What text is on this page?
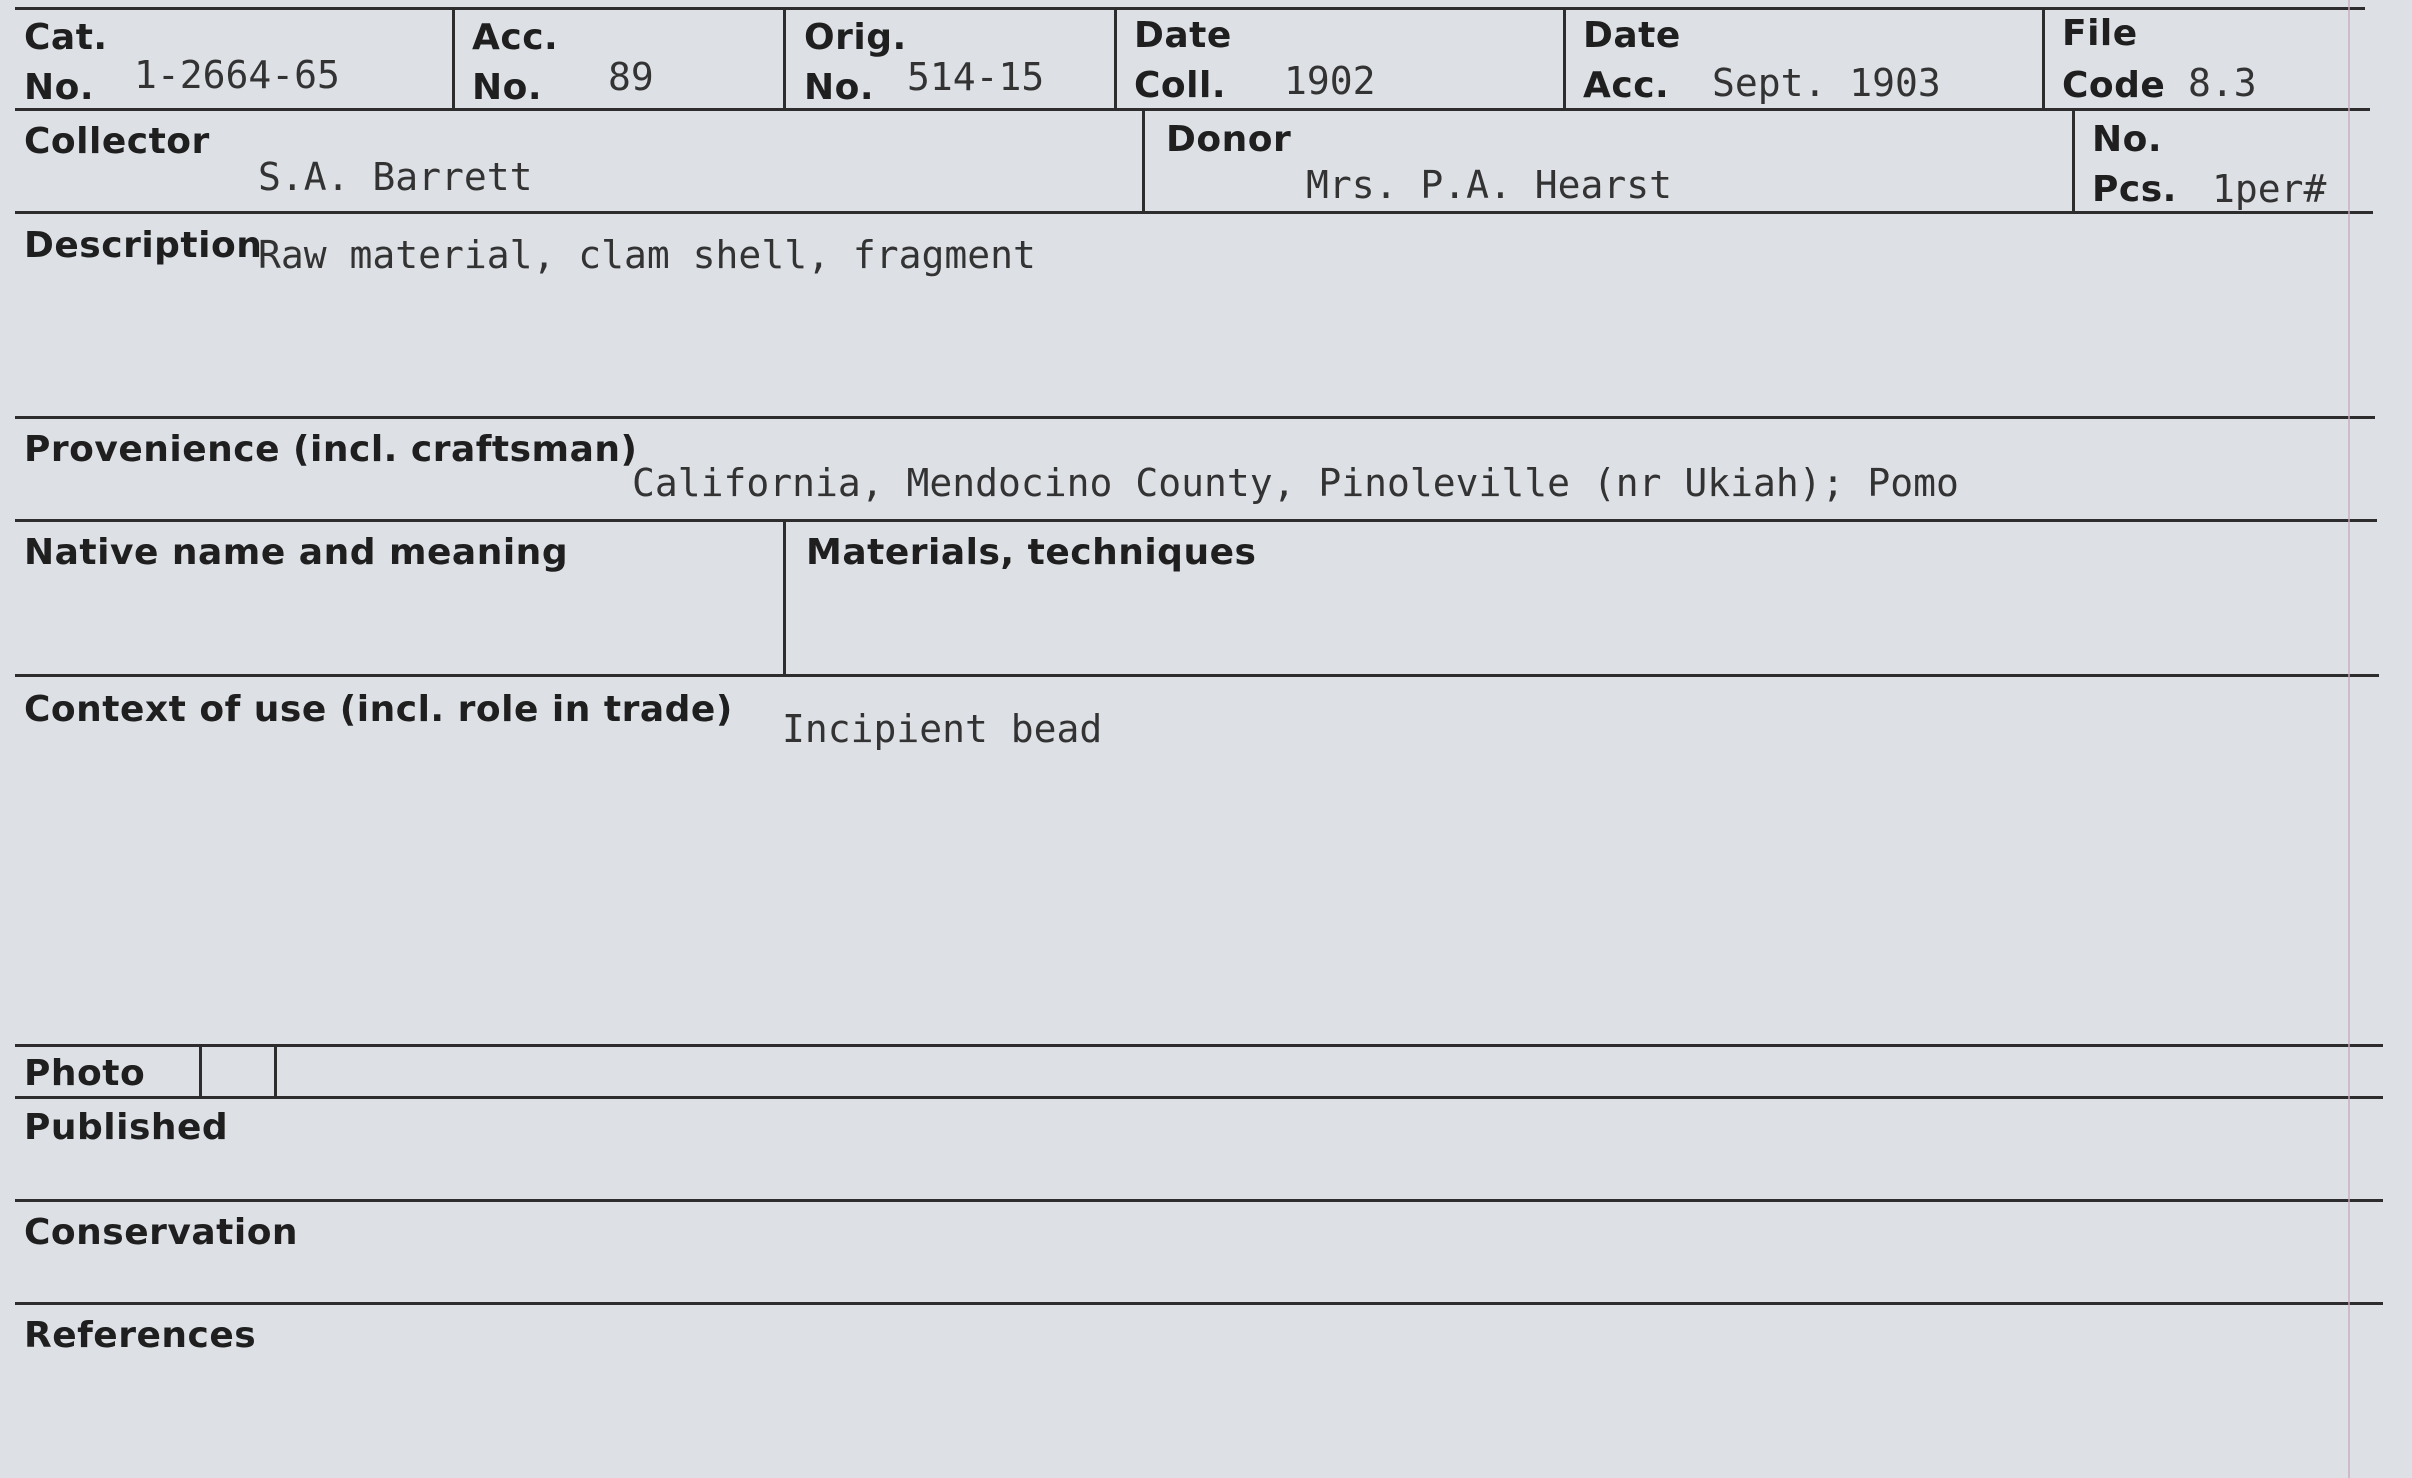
Cat.
No. 1-2664-65
Acc.
No. 89
Orig.
No. 514-15
Date
Coll. 1902
Date
Acc. Sept. 1903
File
Code 8.3
Collector
S.A. Barrett
Donor
Mrs. P.A. Hearst
No.
Pcs. 1per#
Description
Raw material, clam shell, fragment
Provenience (incl. craftsman)
California, Mendocino County, Pinoleville (nr Ukiah); Pomo
Native name and meaning	Materials, techniques
Context of use (incl. role in trade) Incipient bead
Photo
Published
Conservation
References
